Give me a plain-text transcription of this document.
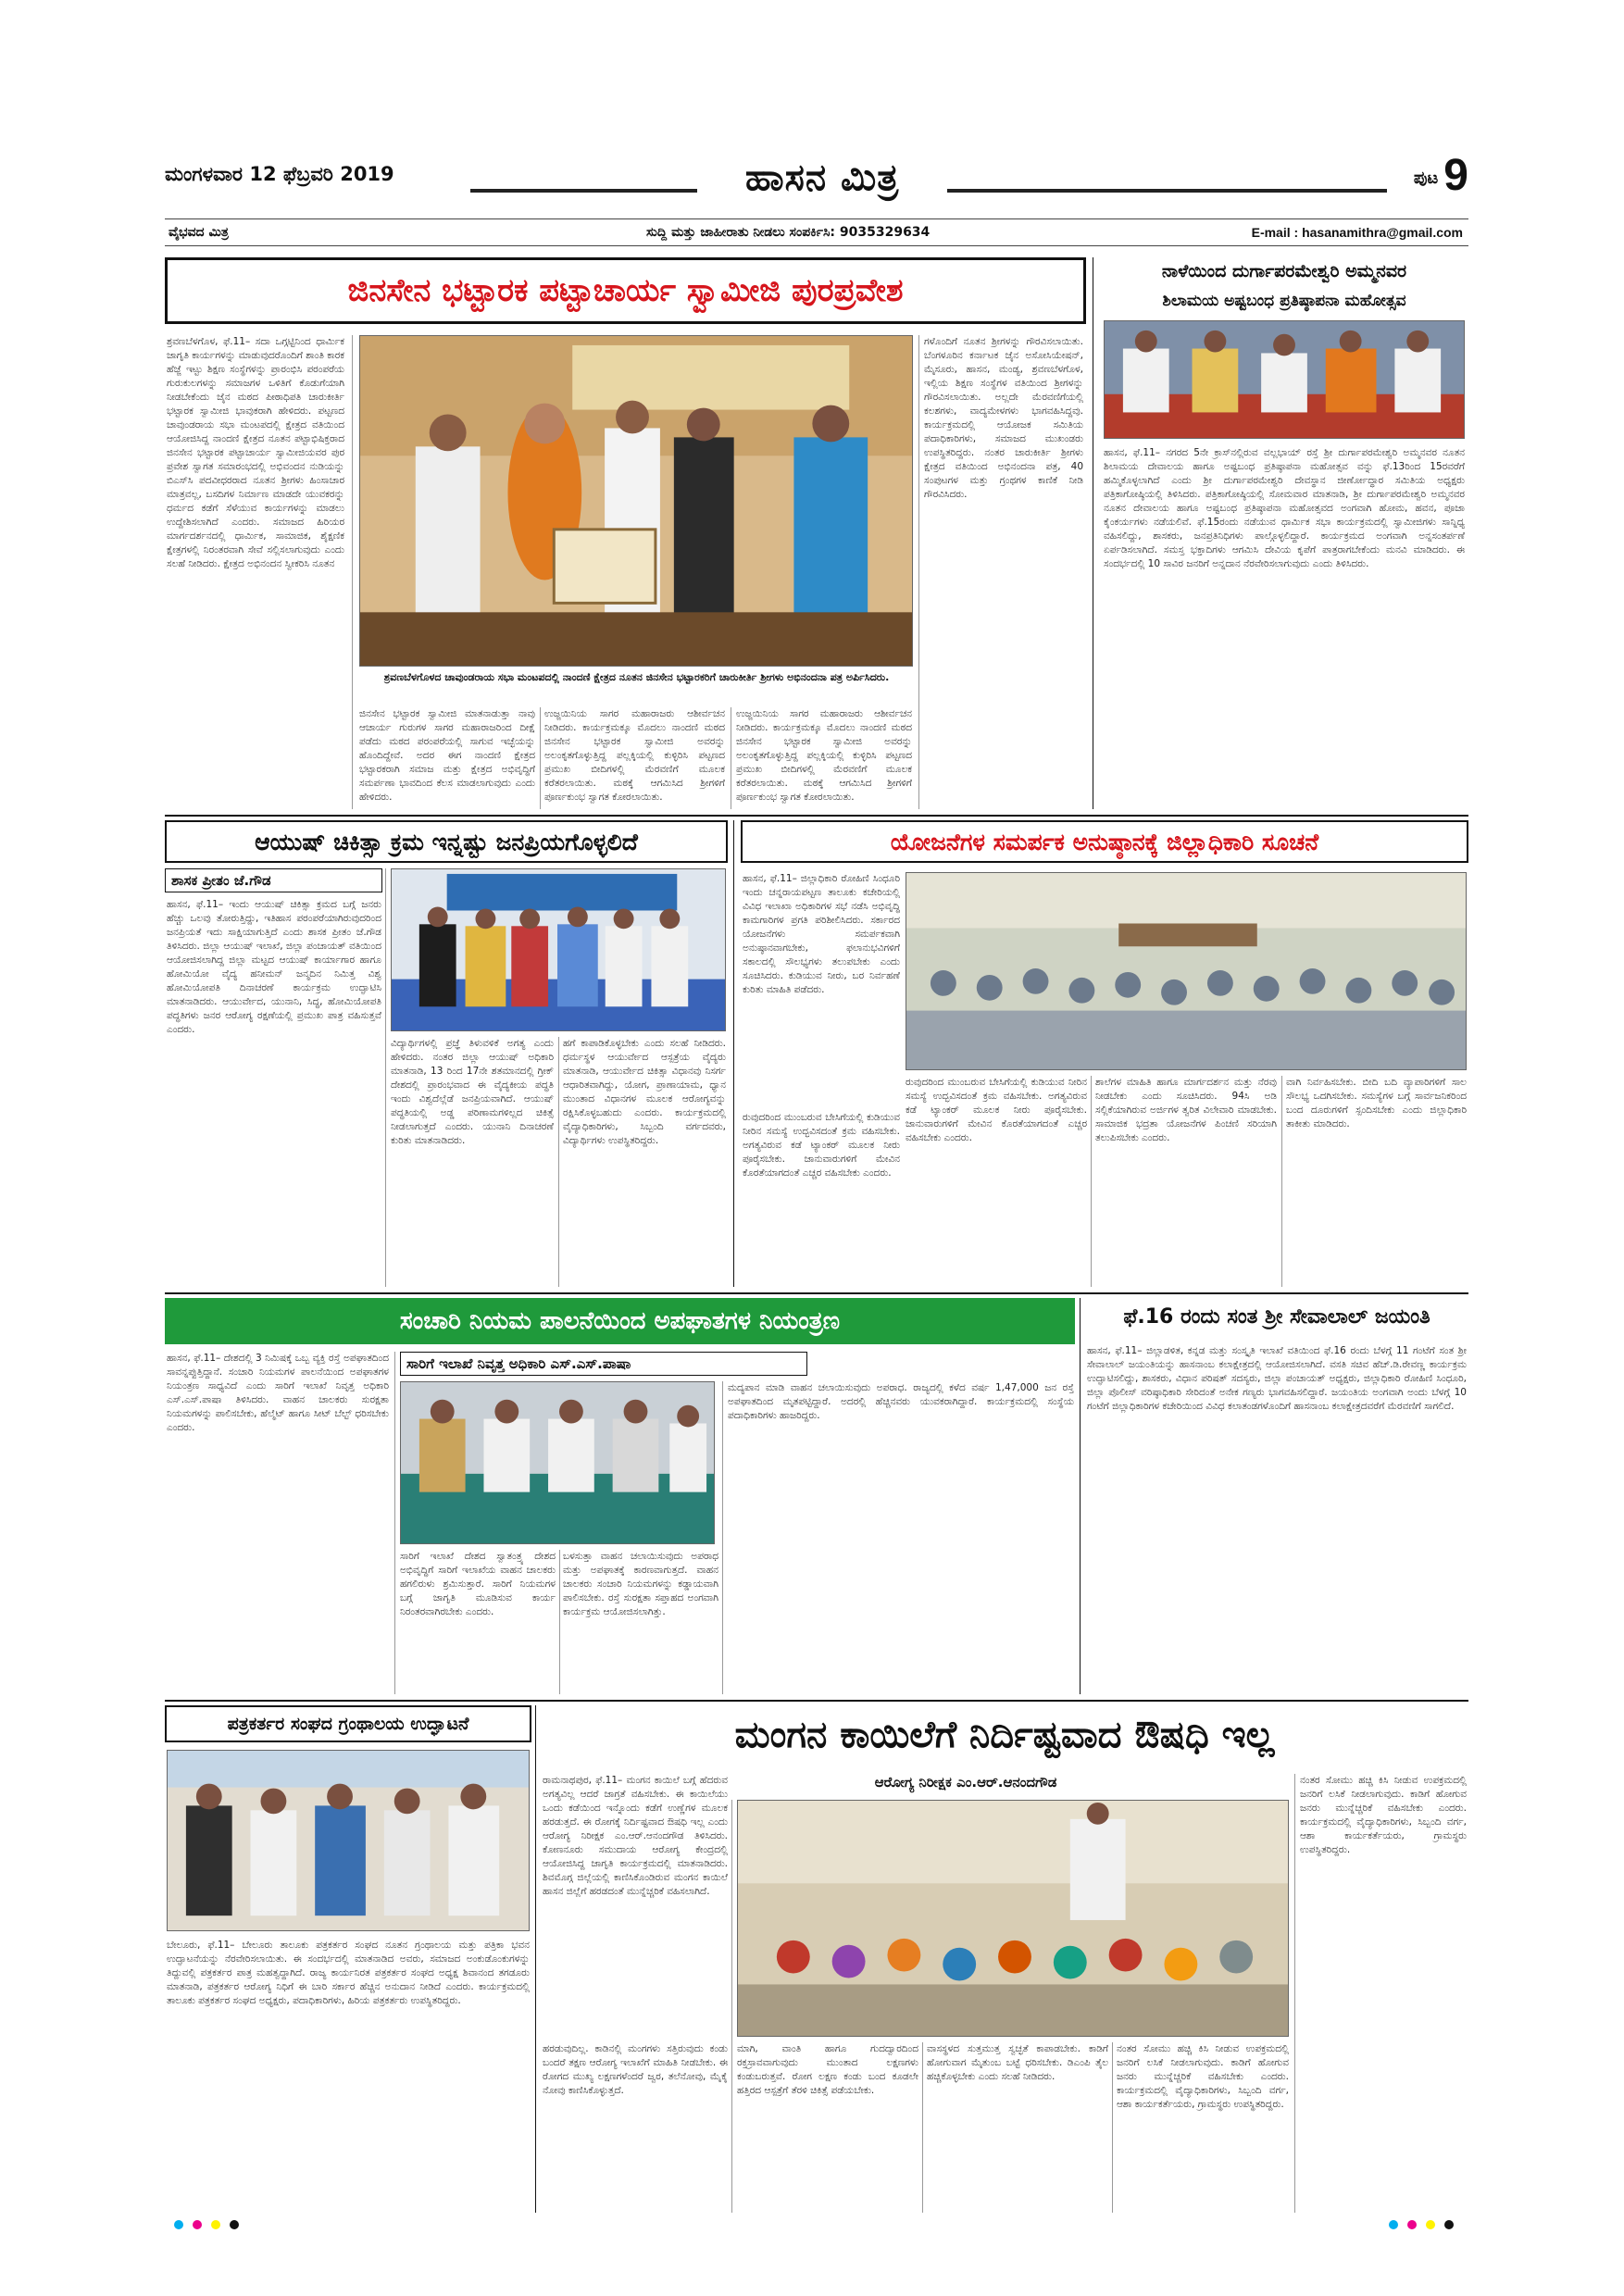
ಮಂಗಳವಾರ 12 ಫೆಬ್ರವರಿ 2019	ಹಾಸನ ಮಿತ್ರ	ಪುಟ 9
ವೈಭವದ ಮಿತ್ರ	ಸುದ್ದಿ ಮತ್ತು ಜಾಹೀರಾತು ನೀಡಲು ಸಂಪರ್ಕಿಸಿ: 9035329634	E-mail : hasanamithra@gmail.com
ಜಿನಸೇನ ಭಟ್ಟಾರಕ ಪಟ್ಟಾಚಾರ್ಯ ಸ್ವಾಮೀಜಿ ಪುರಪ್ರವೇಶ
ಶ್ರವಣಬೆಳಗೊಳ, ಫೆ.11– ಸದಾ ಒಗ್ಗಟ್ಟಿನಿಂದ ಧಾರ್ಮಿಕ ಜಾಗೃತಿ ಕಾರ್ಯಗಳನ್ನು ಮಾಡುವುದರೊಂದಿಗೆ ಶಾಂತಿ ಕಾರಕ ಹೆಜ್ಜೆ ಇಟ್ಟು ಶಿಕ್ಷಣ ಸಂಸ್ಥೆಗಳನ್ನು ಪ್ರಾರಂಭಿಸಿ ಪರಂಪರೆಯ ಗುರುಕುಲಗಳನ್ನು ಸಮಾಜಗಳ ಒಳಿತಿಗೆ ಕೊಡುಗೆಯಾಗಿ ನೀಡಬೇಕೆಂದು ಜೈನ ಮಠದ ಪೀಠಾಧಿಪತಿ ಚಾರುಕೀರ್ತಿ ಭಟ್ಟಾರಕ ಸ್ವಾಮೀಜಿ ಭಾವುಕರಾಗಿ ಹೇಳಿದರು. ಪಟ್ಟಣದ ಚಾವುಂಡರಾಯ ಸಭಾ ಮಂಟಪದಲ್ಲಿ ಕ್ಷೇತ್ರದ ವತಿಯಿಂದ ಆಯೋಜಿಸಿದ್ದ ನಾಂದಣಿ ಕ್ಷೇತ್ರದ ನೂತನ ಪಟ್ಟಾಭಿಷಿಕ್ತರಾದ ಜಿನಸೇನ ಭಟ್ಟಾರಕ ಪಟ್ಟಾಚಾರ್ಯ ಸ್ವಾಮೀಜಿಯವರ ಪುರ ಪ್ರವೇಶ ಸ್ವಾಗತ ಸಮಾರಂಭದಲ್ಲಿ ಅಭಿವಂದನ ನುಡಿಯನ್ನು ಬಿಎಸ್‌ಸಿ ಪದವೀಧರರಾದ ನೂತನ ಶ್ರೀಗಳು ಹಿಂಸಾಚಾರ ಮಾತ್ರವಲ್ಲ, ಬಸದಿಗಳ ನಿರ್ಮಾಣ ಮಾಡದೇ ಯುವಕರನ್ನು ಧರ್ಮದ ಕಡೆಗೆ ಸೆಳೆಯುವ ಕಾರ್ಯಗಳನ್ನು ಮಾಡಲು ಉದ್ದೇಶಿಸಲಾಗಿದೆ ಎಂದರು. ಸಮಾಜದ ಹಿರಿಯರ ಮಾರ್ಗದರ್ಶನದಲ್ಲಿ ಧಾರ್ಮಿಕ, ಸಾಮಾಜಿಕ, ಶೈಕ್ಷಣಿಕ ಕ್ಷೇತ್ರಗಳಲ್ಲಿ ನಿರಂತರವಾಗಿ ಸೇವೆ ಸಲ್ಲಿಸಲಾಗುವುದು ಎಂದು ಸಲಹೆ ನೀಡಿದರು. ಕ್ಷೇತ್ರದ ಅಭಿನಂದನ ಸ್ವೀಕರಿಸಿ ನೂತನ
ಶ್ರವಣಬೆಳಗೊಳದ ಚಾವುಂಡರಾಯ ಸಭಾ ಮಂಟಪದಲ್ಲಿ ನಾಂದಣಿ ಕ್ಷೇತ್ರದ ನೂತನ ಜಿನಸೇನ ಭಟ್ಟಾರಕರಿಗೆ ಚಾರುಕೀರ್ತಿ ಶ್ರೀಗಳು ಅಭಿನಂದನಾ ಪತ್ರ ಅರ್ಪಿಸಿದರು.
ಗಳೊಂದಿಗೆ ನೂತನ ಶ್ರೀಗಳನ್ನು ಗೌರವಿಸಲಾಯಿತು. ಬೆಂಗಳೂರಿನ ಕರ್ನಾಟಕ ಜೈನ ಅಸೋಸಿಯೇಷನ್, ಮೈಸೂರು, ಹಾಸನ, ಮಂಡ್ಯ, ಶ್ರವಣಬೆಳಗೊಳ, ಇಲ್ಲಿಯ ಶಿಕ್ಷಣ ಸಂಸ್ಥೆಗಳ ವತಿಯಿಂದ ಶ್ರೀಗಳನ್ನು ಗೌರವಿಸಲಾಯಿತು. ಅಲ್ಲದೇ ಮೆರವಣಿಗೆಯಲ್ಲಿ ಕಲಶಗಳು, ವಾದ್ಯಮೇಳಗಳು ಭಾಗವಹಿಸಿದ್ದವು. ಕಾರ್ಯಕ್ರಮದಲ್ಲಿ ಆಯೋಜಕ ಸಮಿತಿಯ ಪದಾಧಿಕಾರಿಗಳು, ಸಮಾಜದ ಮುಖಂಡರು ಉಪಸ್ಥಿತರಿದ್ದರು. ನಂತರ ಚಾರುಕೀರ್ತಿ ಶ್ರೀಗಳು ಕ್ಷೇತ್ರದ ವತಿಯಿಂದ ಅಭಿನಂದನಾ ಪತ್ರ, 40 ಸಂಪುಟಗಳ ಮತ್ತು ಗ್ರಂಥಗಳ ಕಾಣಿಕೆ ನೀಡಿ ಗೌರವಿಸಿದರು.
ಜಿನಸೇನ ಭಟ್ಟಾರಕ ಸ್ವಾಮೀಜಿ ಮಾತನಾಡುತ್ತಾ ನಾವು ಆಚಾರ್ಯ ಗುರುಗಳ ಸಾಗರ ಮಹಾರಾಜರಿಂದ ದೀಕ್ಷೆ ಪಡೆದು ಮಠದ ಪರಂಪರೆಯಲ್ಲಿ ಸಾಗುವ ಇಚ್ಛೆಯನ್ನು ಹೊಂದಿದ್ದೇವೆ. ಅದರ ಈಗ ನಾಂದಣಿ ಕ್ಷೇತ್ರದ ಭಟ್ಟಾರಕರಾಗಿ ಸಮಾಜ ಮತ್ತು ಕ್ಷೇತ್ರದ ಅಭಿವೃದ್ಧಿಗೆ ಸಮರ್ಪಣಾ ಭಾವದಿಂದ ಕೆಲಸ ಮಾಡಲಾಗುವುದು ಎಂದು ಹೇಳಿದರು.
ಉಜ್ಜಯಿನಿಯ ಸಾಗರ ಮಹಾರಾಜರು ಆಶೀರ್ವಚನ ನೀಡಿದರು. ಕಾರ್ಯಕ್ರಮಕ್ಕೂ ಮೊದಲು ನಾಂದಣಿ ಮಠದ ಜಿನಸೇನ ಭಟ್ಟಾರಕ ಸ್ವಾಮೀಜಿ ಅವರನ್ನು ಅಲಂಕೃತಗೊಳ್ಳುತ್ತಿದ್ದ ಪಲ್ಲಕ್ಕಿಯಲ್ಲಿ ಕುಳ್ಳಿರಿಸಿ ಪಟ್ಟಣದ ಪ್ರಮುಖ ಬೀದಿಗಳಲ್ಲಿ ಮೆರವಣಿಗೆ ಮೂಲಕ ಕರೆತರಲಾಯಿತು. ಮಠಕ್ಕೆ ಆಗಮಿಸಿದ ಶ್ರೀಗಳಿಗೆ ಪೂರ್ಣಕುಂಭ ಸ್ವಾಗತ ಕೋರಲಾಯಿತು.
ಉಜ್ಜಯಿನಿಯ ಸಾಗರ ಮಹಾರಾಜರು ಆಶೀರ್ವಚನ ನೀಡಿದರು. ಕಾರ್ಯಕ್ರಮಕ್ಕೂ ಮೊದಲು ನಾಂದಣಿ ಮಠದ ಜಿನಸೇನ ಭಟ್ಟಾರಕ ಸ್ವಾಮೀಜಿ ಅವರನ್ನು ಅಲಂಕೃತಗೊಳ್ಳುತ್ತಿದ್ದ ಪಲ್ಲಕ್ಕಿಯಲ್ಲಿ ಕುಳ್ಳಿರಿಸಿ ಪಟ್ಟಣದ ಪ್ರಮುಖ ಬೀದಿಗಳಲ್ಲಿ ಮೆರವಣಿಗೆ ಮೂಲಕ ಕರೆತರಲಾಯಿತು. ಮಠಕ್ಕೆ ಆಗಮಿಸಿದ ಶ್ರೀಗಳಿಗೆ ಪೂರ್ಣಕುಂಭ ಸ್ವಾಗತ ಕೋರಲಾಯಿತು.
ನಾಳೆಯಿಂದ ದುರ್ಗಾಪರಮೇಶ್ವರಿ ಅಮ್ಮನವರ
ಶಿಲಾಮಯ ಅಷ್ಟಬಂಧ ಪ್ರತಿಷ್ಠಾಪನಾ ಮಹೋತ್ಸವ
ಹಾಸನ, ಫೆ.11– ನಗರದ 5ನೇ ಕ್ರಾಸ್‌ನಲ್ಲಿರುವ ವಲ್ಲಭಾಯ್ ರಸ್ತೆ ಶ್ರೀ ದುರ್ಗಾಪರಮೇಶ್ವರಿ ಅಮ್ಮನವರ ನೂತನ ಶಿಲಾಮಯ ದೇವಾಲಯ ಹಾಗೂ ಅಷ್ಟಬಂಧ ಪ್ರತಿಷ್ಠಾಪನಾ ಮಹೋತ್ಸವ ವನ್ನು ಫೆ.13ರಿಂದ 15ರವರೆಗೆ ಹಮ್ಮಿಕೊಳ್ಳಲಾಗಿದೆ ಎಂದು ಶ್ರೀ ದುರ್ಗಾಪರಮೇಶ್ವರಿ ದೇವಸ್ಥಾನ ಜೀರ್ಣೋದ್ಧಾರ ಸಮಿತಿಯ ಅಧ್ಯಕ್ಷರು ಪತ್ರಿಕಾಗೋಷ್ಠಿಯಲ್ಲಿ ತಿಳಿಸಿದರು. ಪತ್ರಿಕಾಗೋಷ್ಠಿಯಲ್ಲಿ ಸೋಮವಾರ ಮಾತನಾಡಿ, ಶ್ರೀ ದುರ್ಗಾಪರಮೇಶ್ವರಿ ಅಮ್ಮನವರ ನೂತನ ದೇವಾಲಯ ಹಾಗೂ ಅಷ್ಟಬಂಧ ಪ್ರತಿಷ್ಠಾಪನಾ ಮಹೋತ್ಸವದ ಅಂಗವಾಗಿ ಹೋಮ, ಹವನ, ಪೂಜಾ ಕೈಂಕರ್ಯಗಳು ನಡೆಯಲಿವೆ. ಫೆ.15ರಂದು ನಡೆಯುವ ಧಾರ್ಮಿಕ ಸಭಾ ಕಾರ್ಯಕ್ರಮದಲ್ಲಿ ಸ್ವಾಮೀಜಿಗಳು ಸಾನ್ನಿಧ್ಯ ವಹಿಸಲಿದ್ದು, ಶಾಸಕರು, ಜನಪ್ರತಿನಿಧಿಗಳು ಪಾಲ್ಗೊಳ್ಳಲಿದ್ದಾರೆ. ಕಾರ್ಯಕ್ರಮದ ಅಂಗವಾಗಿ ಅನ್ನಸಂತರ್ಪಣೆ ಏರ್ಪಡಿಸಲಾಗಿದೆ. ಸಮಸ್ತ ಭಕ್ತಾದಿಗಳು ಆಗಮಿಸಿ ದೇವಿಯ ಕೃಪೆಗೆ ಪಾತ್ರರಾಗಬೇಕೆಂದು ಮನವಿ ಮಾಡಿದರು. ಈ ಸಂದರ್ಭದಲ್ಲಿ 10 ಸಾವಿರ ಜನರಿಗೆ ಅನ್ನದಾನ ನೆರವೇರಿಸಲಾಗುವುದು ಎಂದು ತಿಳಿಸಿದರು.
ಆಯುಷ್ ಚಿಕಿತ್ಸಾ ಕ್ರಮ ಇನ್ನಷ್ಟು ಜನಪ್ರಿಯಗೊಳ್ಳಲಿದೆ
ಶಾಸಕ ಪ್ರೀತಂ ಜೆ.ಗೌಡ
ಹಾಸನ, ಫೆ.11– ಇಂದು ಆಯುಷ್ ಚಿಕಿತ್ಸಾ ಕ್ರಮದ ಬಗ್ಗೆ ಜನರು ಹೆಚ್ಚು ಒಲವು ತೋರುತ್ತಿದ್ದು, ಇತಿಹಾಸ ಪರಂಪರೆಯಾಗಿರುವುದರಿಂದ ಜನಪ್ರಿಯತೆ ಇದು ಸಾಕ್ಷಿಯಾಗುತ್ತಿದೆ ಎಂದು ಶಾಸಕ ಪ್ರೀತಂ ಜೆ.ಗೌಡ ತಿಳಿಸಿದರು. ಜಿಲ್ಲಾ ಆಯುಷ್ ಇಲಾಖೆ, ಜಿಲ್ಲಾ ಪಂಚಾಯತ್ ವತಿಯಿಂದ ಆಯೋಜಿಸಲಾಗಿದ್ದ ಜಿಲ್ಲಾ ಮಟ್ಟದ ಆಯುಷ್ ಕಾರ್ಯಾಗಾರ ಹಾಗೂ ಹೋಮಿಯೋ ವೈದ್ಯ ಹನೀಮನ್ ಜನ್ಮದಿನ ನಿಮಿತ್ತ ವಿಶ್ವ ಹೋಮಿಯೋಪತಿ ದಿನಾಚರಣೆ ಕಾರ್ಯಕ್ರಮ ಉದ್ಘಾಟಿಸಿ ಮಾತನಾಡಿದರು. ಆಯುರ್ವೇದ, ಯುನಾನಿ, ಸಿದ್ಧ, ಹೋಮಿಯೋಪತಿ ಪದ್ಧತಿಗಳು ಜನರ ಆರೋಗ್ಯ ರಕ್ಷಣೆಯಲ್ಲಿ ಪ್ರಮುಖ ಪಾತ್ರ ವಹಿಸುತ್ತವೆ ಎಂದರು.
ವಿದ್ಯಾರ್ಥಿಗಳಲ್ಲಿ ಪ್ರಜ್ಞೆ ತಿಳುವಳಿಕೆ ಅಗತ್ಯ ಎಂದು ಹೇಳಿದರು. ನಂತರ ಜಿಲ್ಲಾ ಆಯುಷ್ ಅಧಿಕಾರಿ ಮಾತನಾಡಿ, 13 ರಿಂದ 17ನೇ ಶತಮಾನದಲ್ಲಿ ಗ್ರೀಕ್ ದೇಶದಲ್ಲಿ ಪ್ರಾರಂಭವಾದ ಈ ವೈದ್ಯಕೀಯ ಪದ್ಧತಿ ಇಂದು ವಿಶ್ವದೆಲ್ಲೆಡೆ ಜನಪ್ರಿಯವಾಗಿದೆ. ಆಯುಷ್ ಪದ್ಧತಿಯಲ್ಲಿ ಅಡ್ಡ ಪರಿಣಾಮಗಳಿಲ್ಲದ ಚಿಕಿತ್ಸೆ ನೀಡಲಾಗುತ್ತದೆ ಎಂದರು. ಯುನಾನಿ ದಿನಾಚರಣೆ ಕುರಿತು ಮಾತನಾಡಿದರು.
ಹಗೆ ಕಾಪಾಡಿಕೊಳ್ಳಬೇಕು ಎಂದು ಸಲಹೆ ನೀಡಿದರು. ಧರ್ಮಸ್ಥಳ ಆಯುರ್ವೇದ ಆಸ್ಪತ್ರೆಯ ವೈದ್ಯರು ಮಾತನಾಡಿ, ಆಯುರ್ವೇದ ಚಿಕಿತ್ಸಾ ವಿಧಾನವು ನಿಸರ್ಗ ಆಧಾರಿತವಾಗಿದ್ದು, ಯೋಗ, ಪ್ರಾಣಾಯಾಮ, ಧ್ಯಾನ ಮುಂತಾದ ವಿಧಾನಗಳ ಮೂಲಕ ಆರೋಗ್ಯವನ್ನು ರಕ್ಷಿಸಿಕೊಳ್ಳಬಹುದು ಎಂದರು. ಕಾರ್ಯಕ್ರಮದಲ್ಲಿ ವೈದ್ಯಾಧಿಕಾರಿಗಳು, ಸಿಬ್ಬಂದಿ ವರ್ಗದವರು, ವಿದ್ಯಾರ್ಥಿಗಳು ಉಪಸ್ಥಿತರಿದ್ದರು.
ಯೋಜನೆಗಳ ಸಮರ್ಪಕ ಅನುಷ್ಠಾನಕ್ಕೆ ಜಿಲ್ಲಾಧಿಕಾರಿ ಸೂಚನೆ
ಹಾಸನ, ಫೆ.11– ಜಿಲ್ಲಾಧಿಕಾರಿ ರೋಹಿಣಿ ಸಿಂಧೂರಿ ಇಂದು ಚನ್ನರಾಯಪಟ್ಟಣ ತಾಲೂಕು ಕಚೇರಿಯಲ್ಲಿ ವಿವಿಧ ಇಲಾಖಾ ಅಧಿಕಾರಿಗಳ ಸಭೆ ನಡೆಸಿ ಅಭಿವೃದ್ಧಿ ಕಾಮಗಾರಿಗಳ ಪ್ರಗತಿ ಪರಿಶೀಲಿಸಿದರು. ಸರ್ಕಾರದ ಯೋಜನೆಗಳು ಸಮರ್ಪಕವಾಗಿ ಅನುಷ್ಠಾನವಾಗಬೇಕು, ಫಲಾನುಭವಿಗಳಿಗೆ ಸಕಾಲದಲ್ಲಿ ಸೌಲಭ್ಯಗಳು ತಲುಪಬೇಕು ಎಂದು ಸೂಚಿಸಿದರು. ಕುಡಿಯುವ ನೀರು, ಬರ ನಿರ್ವಹಣೆ ಕುರಿತು ಮಾಹಿತಿ ಪಡೆದರು.
ರುವುದರಿಂದ ಮುಂಬರುವ ಬೇಸಿಗೆಯಲ್ಲಿ ಕುಡಿಯುವ ನೀರಿನ ಸಮಸ್ಯೆ ಉದ್ಭವಿಸದಂತೆ ಕ್ರಮ ವಹಿಸಬೇಕು. ಅಗತ್ಯವಿರುವ ಕಡೆ ಟ್ಯಾಂಕರ್ ಮೂಲಕ ನೀರು ಪೂರೈಸಬೇಕು. ಜಾನುವಾರುಗಳಿಗೆ ಮೇವಿನ ಕೊರತೆಯಾಗದಂತೆ ಎಚ್ಚರ ವಹಿಸಬೇಕು ಎಂದರು.
ಶಾಲೆಗಳ ಮಾಹಿತಿ ಹಾಗೂ ಮಾರ್ಗದರ್ಶನ ಮತ್ತು ನೆರವು ನೀಡಬೇಕು ಎಂದು ಸೂಚಿಸಿದರು. 94ಸಿ ಅಡಿ ಸಲ್ಲಿಕೆಯಾಗಿರುವ ಅರ್ಜಿಗಳ ತ್ವರಿತ ವಿಲೇವಾರಿ ಮಾಡಬೇಕು. ಸಾಮಾಜಿಕ ಭದ್ರತಾ ಯೋಜನೆಗಳ ಪಿಂಚಣಿ ಸರಿಯಾಗಿ ತಲುಪಿಸಬೇಕು ಎಂದರು.
ವಾಗಿ ನಿರ್ವಹಿಸಬೇಕು. ಬೀದಿ ಬದಿ ವ್ಯಾಪಾರಿಗಳಿಗೆ ಸಾಲ ಸೌಲಭ್ಯ ಒದಗಿಸಬೇಕು. ಸಮಸ್ಯೆಗಳ ಬಗ್ಗೆ ಸಾರ್ವಜನಿಕರಿಂದ ಬಂದ ದೂರುಗಳಿಗೆ ಸ್ಪಂದಿಸಬೇಕು ಎಂದು ಜಿಲ್ಲಾಧಿಕಾರಿ ತಾಕೀತು ಮಾಡಿದರು.
ರುವುದರಿಂದ ಮುಂಬರುವ ಬೇಸಿಗೆಯಲ್ಲಿ ಕುಡಿಯುವ ನೀರಿನ ಸಮಸ್ಯೆ ಉದ್ಭವಿಸದಂತೆ ಕ್ರಮ ವಹಿಸಬೇಕು. ಅಗತ್ಯವಿರುವ ಕಡೆ ಟ್ಯಾಂಕರ್ ಮೂಲಕ ನೀರು ಪೂರೈಸಬೇಕು. ಜಾನುವಾರುಗಳಿಗೆ ಮೇವಿನ ಕೊರತೆಯಾಗದಂತೆ ಎಚ್ಚರ ವಹಿಸಬೇಕು ಎಂದರು.
ಸಂಚಾರಿ ನಿಯಮ ಪಾಲನೆಯಿಂದ ಅಪಘಾತಗಳ ನಿಯಂತ್ರಣ
ಹಾಸನ, ಫೆ.11– ದೇಶದಲ್ಲಿ 3 ನಿಮಿಷಕ್ಕೆ ಒಬ್ಬ ವ್ಯಕ್ತಿ ರಸ್ತೆ ಅಪಘಾತದಿಂದ ಸಾವನ್ನಪ್ಪುತ್ತಿದ್ದಾನೆ. ಸಂಚಾರಿ ನಿಯಮಗಳ ಪಾಲನೆಯಿಂದ ಅಪಘಾತಗಳ ನಿಯಂತ್ರಣ ಸಾಧ್ಯವಿದೆ ಎಂದು ಸಾರಿಗೆ ಇಲಾಖೆ ನಿವೃತ್ತ ಅಧಿಕಾರಿ ಎಸ್.ಎಸ್.ಪಾಷಾ ತಿಳಿಸಿದರು. ವಾಹನ ಚಾಲಕರು ಸುರಕ್ಷತಾ ನಿಯಮಗಳನ್ನು ಪಾಲಿಸಬೇಕು, ಹೆಲ್ಮೆಟ್ ಹಾಗೂ ಸೀಟ್ ಬೆಲ್ಟ್ ಧರಿಸಬೇಕು ಎಂದರು.
ಸಾರಿಗೆ ಇಲಾಖೆ ನಿವೃತ್ತ ಅಧಿಕಾರಿ ಎಸ್.ಎಸ್.ಪಾಷಾ
ಸಾರಿಗೆ ಇಲಾಖೆ ದೇಶದ ಸ್ವಾತಂತ್ರ್ಯ ದೇಶದ ಅಭಿವೃದ್ಧಿಗೆ ಸಾರಿಗೆ ಇಲಾಖೆಯ ವಾಹನ ಚಾಲಕರು ಹಗಲಿರುಳು ಶ್ರಮಿಸುತ್ತಾರೆ. ಸಾರಿಗೆ ನಿಯಮಗಳ ಬಗ್ಗೆ ಜಾಗೃತಿ ಮೂಡಿಸುವ ಕಾರ್ಯ ನಿರಂತರವಾಗಿರಬೇಕು ಎಂದರು.
ಬಳಸುತ್ತಾ ವಾಹನ ಚಲಾಯಿಸುವುದು ಅಪರಾಧ ಮತ್ತು ಅಪಘಾತಕ್ಕೆ ಕಾರಣವಾಗುತ್ತದೆ. ವಾಹನ ಚಾಲಕರು ಸಂಚಾರಿ ನಿಯಮಗಳನ್ನು ಕಡ್ಡಾಯವಾಗಿ ಪಾಲಿಸಬೇಕು. ರಸ್ತೆ ಸುರಕ್ಷತಾ ಸಪ್ತಾಹದ ಅಂಗವಾಗಿ ಕಾರ್ಯಕ್ರಮ ಆಯೋಜಿಸಲಾಗಿತ್ತು.
ಮದ್ಯಪಾನ ಮಾಡಿ ವಾಹನ ಚಲಾಯಿಸುವುದು ಅಪರಾಧ. ರಾಜ್ಯದಲ್ಲಿ ಕಳೆದ ವರ್ಷ 1,47,000 ಜನ ರಸ್ತೆ ಅಪಘಾತದಿಂದ ಮೃತಪಟ್ಟಿದ್ದಾರೆ. ಅದರಲ್ಲಿ ಹೆಚ್ಚಿನವರು ಯುವಕರಾಗಿದ್ದಾರೆ. ಕಾರ್ಯಕ್ರಮದಲ್ಲಿ ಸಂಸ್ಥೆಯ ಪದಾಧಿಕಾರಿಗಳು ಹಾಜರಿದ್ದರು.
ಫೆ.16 ರಂದು ಸಂತ ಶ್ರೀ ಸೇವಾಲಾಲ್ ಜಯಂತಿ
ಹಾಸನ, ಫೆ.11– ಜಿಲ್ಲಾಡಳಿತ, ಕನ್ನಡ ಮತ್ತು ಸಂಸ್ಕೃತಿ ಇಲಾಖೆ ವತಿಯಿಂದ ಫೆ.16 ರಂದು ಬೆಳಗ್ಗೆ 11 ಗಂಟೆಗೆ ಸಂತ ಶ್ರೀ ಸೇವಾಲಾಲ್ ಜಯಂತಿಯನ್ನು ಹಾಸನಾಂಬ ಕಲಾಕ್ಷೇತ್ರದಲ್ಲಿ ಆಯೋಜಿಸಲಾಗಿದೆ. ವಸತಿ ಸಚಿವ ಹೆಚ್.ಡಿ.ರೇವಣ್ಣ ಕಾರ್ಯಕ್ರಮ ಉದ್ಘಾಟಿಸಲಿದ್ದು, ಶಾಸಕರು, ವಿಧಾನ ಪರಿಷತ್ ಸದಸ್ಯರು, ಜಿಲ್ಲಾ ಪಂಚಾಯತ್ ಅಧ್ಯಕ್ಷರು, ಜಿಲ್ಲಾಧಿಕಾರಿ ರೋಹಿಣಿ ಸಿಂಧೂರಿ, ಜಿಲ್ಲಾ ಪೊಲೀಸ್ ವರಿಷ್ಠಾಧಿಕಾರಿ ಸೇರಿದಂತೆ ಅನೇಕ ಗಣ್ಯರು ಭಾಗವಹಿಸಲಿದ್ದಾರೆ. ಜಯಂತಿಯ ಅಂಗವಾಗಿ ಅಂದು ಬೆಳಗ್ಗೆ 10 ಗಂಟೆಗೆ ಜಿಲ್ಲಾಧಿಕಾರಿಗಳ ಕಚೇರಿಯಿಂದ ವಿವಿಧ ಕಲಾತಂಡಗಳೊಂದಿಗೆ ಹಾಸನಾಂಬ ಕಲಾಕ್ಷೇತ್ರದವರೆಗೆ ಮೆರವಣಿಗೆ ಸಾಗಲಿದೆ.
ಪತ್ರಕರ್ತರ ಸಂಘದ ಗ್ರಂಥಾಲಯ ಉದ್ಘಾಟನೆ
ಬೇಲೂರು, ಫೆ.11– ಬೇಲೂರು ತಾಲೂಕು ಪತ್ರಕರ್ತರ ಸಂಘದ ನೂತನ ಗ್ರಂಥಾಲಯ ಮತ್ತು ಪತ್ರಿಕಾ ಭವನ ಉದ್ಘಾಟನೆಯನ್ನು ನೆರವೇರಿಸಲಾಯಿತು. ಈ ಸಂದರ್ಭದಲ್ಲಿ ಮಾತನಾಡಿದ ಅವರು, ಸಮಾಜದ ಅಂಕುಡೊಂಕುಗಳನ್ನು ತಿದ್ದುವಲ್ಲಿ ಪತ್ರಕರ್ತರ ಪಾತ್ರ ಮಹತ್ವದ್ದಾಗಿದೆ. ರಾಜ್ಯ ಕಾರ್ಯನಿರತ ಪತ್ರಕರ್ತರ ಸಂಘದ ಅಧ್ಯಕ್ಷ ಶಿವಾನಂದ ತಗಡೂರು ಮಾತನಾಡಿ, ಪತ್ರಕರ್ತರ ಆರೋಗ್ಯ ನಿಧಿಗೆ ಈ ಬಾರಿ ಸರ್ಕಾರ ಹೆಚ್ಚಿನ ಅನುದಾನ ನೀಡಿದೆ ಎಂದರು. ಕಾರ್ಯಕ್ರಮದಲ್ಲಿ ತಾಲೂಕು ಪತ್ರಕರ್ತರ ಸಂಘದ ಅಧ್ಯಕ್ಷರು, ಪದಾಧಿಕಾರಿಗಳು, ಹಿರಿಯ ಪತ್ರಕರ್ತರು ಉಪಸ್ಥಿತರಿದ್ದರು.
ಮಂಗನ ಕಾಯಿಲೆಗೆ ನಿರ್ದಿಷ್ಟವಾದ ಔಷಧಿ ಇಲ್ಲ
ಆರೋಗ್ಯ ನಿರೀಕ್ಷಕ ಎಂ.ಆರ್.ಆನಂದಗೌಡ
ರಾಮನಾಥಪುರ, ಫೆ.11– ಮಂಗನ ಕಾಯಿಲೆ ಬಗ್ಗೆ ಹೆದರುವ ಅಗತ್ಯವಿಲ್ಲ ಆದರೆ ಜಾಗ್ರತೆ ವಹಿಸಬೇಕು. ಈ ಕಾಯಿಲೆಯು ಒಂದು ಕಡೆಯಿಂದ ಇನ್ನೊಂದು ಕಡೆಗೆ ಉಣ್ಣೆಗಳ ಮೂಲಕ ಹರಡುತ್ತದೆ. ಈ ರೋಗಕ್ಕೆ ನಿರ್ದಿಷ್ಟವಾದ ಔಷಧಿ ಇಲ್ಲ ಎಂದು ಆರೋಗ್ಯ ನಿರೀಕ್ಷಕ ಎಂ.ಆರ್.ಆನಂದಗೌಡ ತಿಳಿಸಿದರು. ಕೋಣನೂರು ಸಮುದಾಯ ಆರೋಗ್ಯ ಕೇಂದ್ರದಲ್ಲಿ ಆಯೋಜಿಸಿದ್ದ ಜಾಗೃತಿ ಕಾರ್ಯಕ್ರಮದಲ್ಲಿ ಮಾತನಾಡಿದರು. ಶಿವಮೊಗ್ಗ ಜಿಲ್ಲೆಯಲ್ಲಿ ಕಾಣಿಸಿಕೊಂಡಿರುವ ಮಂಗನ ಕಾಯಿಲೆ ಹಾಸನ ಜಿಲ್ಲೆಗೆ ಹರಡದಂತೆ ಮುನ್ನೆಚ್ಚರಿಕೆ ವಹಿಸಲಾಗಿದೆ.
ನಂತರ ಸೋಮು ಹಚ್ಚಿ ಕಿಸಿ ನೀಡುವ ಉಪಕ್ರಮದಲ್ಲಿ ಜನರಿಗೆ ಲಸಿಕೆ ನೀಡಲಾಗುವುದು. ಕಾಡಿಗೆ ಹೋಗುವ ಜನರು ಮುನ್ನೆಚ್ಚರಿಕೆ ವಹಿಸಬೇಕು ಎಂದರು. ಕಾರ್ಯಕ್ರಮದಲ್ಲಿ ವೈದ್ಯಾಧಿಕಾರಿಗಳು, ಸಿಬ್ಬಂದಿ ವರ್ಗ, ಆಶಾ ಕಾರ್ಯಕರ್ತೆಯರು, ಗ್ರಾಮಸ್ಥರು ಉಪಸ್ಥಿತರಿದ್ದರು.
ಹರಡುವುದಿಲ್ಲ. ಕಾಡಿನಲ್ಲಿ ಮಂಗಗಳು ಸತ್ತಿರುವುದು ಕಂಡು ಬಂದರೆ ತಕ್ಷಣ ಆರೋಗ್ಯ ಇಲಾಖೆಗೆ ಮಾಹಿತಿ ನೀಡಬೇಕು. ಈ ರೋಗದ ಮುಖ್ಯ ಲಕ್ಷಣಗಳೆಂದರೆ ಜ್ವರ, ತಲೆನೋವು, ಮೈಕೈ ನೋವು ಕಾಣಿಸಿಕೊಳ್ಳುತ್ತದೆ.
ಮಾಗಿ, ವಾಂತಿ ಹಾಗೂ ಗುದದ್ವಾರದಿಂದ ರಕ್ತಸ್ರಾವವಾಗುವುದು ಮುಂತಾದ ಲಕ್ಷಣಗಳು ಕಂಡುಬರುತ್ತವೆ. ರೋಗ ಲಕ್ಷಣ ಕಂಡು ಬಂದ ಕೂಡಲೇ ಹತ್ತಿರದ ಆಸ್ಪತ್ರೆಗೆ ತೆರಳಿ ಚಿಕಿತ್ಸೆ ಪಡೆಯಬೇಕು.
ವಾಸಸ್ಥಳದ ಸುತ್ತಮುತ್ತ ಸ್ವಚ್ಛತೆ ಕಾಪಾಡಬೇಕು. ಕಾಡಿಗೆ ಹೋಗುವಾಗ ಮೈತುಂಬ ಬಟ್ಟೆ ಧರಿಸಬೇಕು. ಡಿಎಂಪಿ ತೈಲ ಹಚ್ಚಿಕೊಳ್ಳಬೇಕು ಎಂದು ಸಲಹೆ ನೀಡಿದರು.
ನಂತರ ಸೋಮು ಹಚ್ಚಿ ಕಿಸಿ ನೀಡುವ ಉಪಕ್ರಮದಲ್ಲಿ ಜನರಿಗೆ ಲಸಿಕೆ ನೀಡಲಾಗುವುದು. ಕಾಡಿಗೆ ಹೋಗುವ ಜನರು ಮುನ್ನೆಚ್ಚರಿಕೆ ವಹಿಸಬೇಕು ಎಂದರು. ಕಾರ್ಯಕ್ರಮದಲ್ಲಿ ವೈದ್ಯಾಧಿಕಾರಿಗಳು, ಸಿಬ್ಬಂದಿ ವರ್ಗ, ಆಶಾ ಕಾರ್ಯಕರ್ತೆಯರು, ಗ್ರಾಮಸ್ಥರು ಉಪಸ್ಥಿತರಿದ್ದರು.
